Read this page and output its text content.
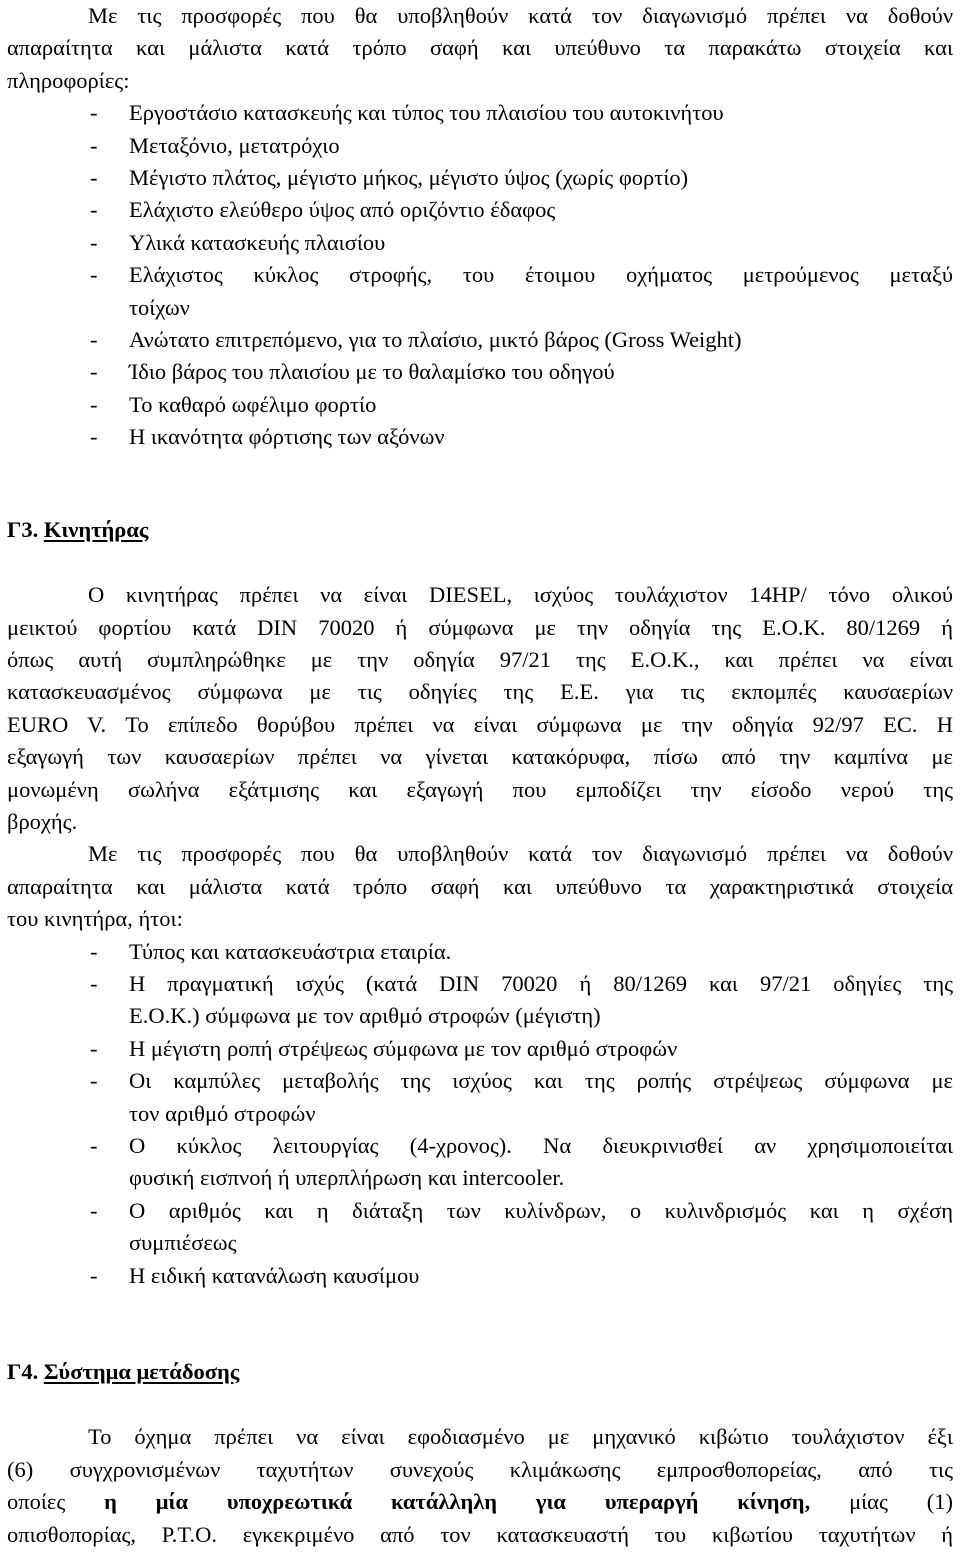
Με τις προσφορές που θα υποβληθούν κατά τον διαγωνισμό πρέπει να δοθούν
απαραίτητα και μάλιστα κατά τρόπο σαφή και υπεύθυνο τα παρακάτω στοιχεία και
πληροφορίες:
- Εργοστάσιο κατασκευής και τύπος του πλαισίου του αυτοκινήτου
- Μεταξόνιο, μετατρόχιο
- Μέγιστο πλάτος, μέγιστο μήκος, μέγιστο ύψος (χωρίς φορτίο)
- Ελάχιστο ελεύθερο ύψος από οριζόντιο έδαφος
- Υλικά κατασκευής πλαισίου
- Ελάχιστος κύκλος στροφής, του έτοιμου οχήματος μετρούμενος μεταξύ
τοίχων
- Ανώτατο επιτρεπόμενο, για το πλαίσιο, μικτό βάρος (Gross Weight)
- Ίδιο βάρος του πλαισίου με το θαλαμίσκο του οδηγού
- Το καθαρό ωφέλιμο φορτίο
- Η ικανότητα φόρτισης των αξόνων
Γ3. Κινητήρας
Ο κινητήρας πρέπει να είναι DIESEL, ισχύος τουλάχιστον 14HP/ τόνο ολικού
μεικτού φορτίου κατά DIN 70020 ή σύμφωνα με την οδηγία της Ε.Ο.Κ. 80/1269 ή
όπως αυτή συμπληρώθηκε με την οδηγία 97/21 της Ε.Ο.Κ., και πρέπει να είναι
κατασκευασμένος σύμφωνα με τις οδηγίες της Ε.Ε. για τις εκπομπές καυσαερίων
EURO V. Το επίπεδο θορύβου πρέπει να είναι σύμφωνα με την οδηγία 92/97 EC. Η
εξαγωγή των καυσαερίων πρέπει να γίνεται κατακόρυφα, πίσω από την καμπίνα με
μονωμένη σωλήνα εξάτμισης και εξαγωγή που εμποδίζει την είσοδο νερού της
βροχής.
Με τις προσφορές που θα υποβληθούν κατά τον διαγωνισμό πρέπει να δοθούν
απαραίτητα και μάλιστα κατά τρόπο σαφή και υπεύθυνο τα χαρακτηριστικά στοιχεία
του κινητήρα, ήτοι:
- Τύπος και κατασκευάστρια εταιρία.
- Η πραγματική ισχύς (κατά DIN 70020 ή 80/1269 και 97/21 οδηγίες της
Ε.Ο.Κ.) σύμφωνα με τον αριθμό στροφών (μέγιστη)
- Η μέγιστη ροπή στρέψεως σύμφωνα με τον αριθμό στροφών
- Οι καμπύλες μεταβολής της ισχύος και της ροπής στρέψεως σύμφωνα με
τον αριθμό στροφών
- Ο κύκλος λειτουργίας (4-χρονος). Να διευκρινισθεί αν χρησιμοποιείται
φυσική εισπνοή ή υπερπλήρωση και intercooler.
- Ο αριθμός και η διάταξη των κυλίνδρων, ο κυλινδρισμός και η σχέση
συμπιέσεως
- Η ειδική κατανάλωση καυσίμου
Γ4. Σύστημα μετάδοσης
Το όχημα πρέπει να είναι εφοδιασμένο με μηχανικό κιβώτιο τουλάχιστον έξι
(6) συγχρονισμένων ταχυτήτων συνεχούς κλιμάκωσης εμπροσθοπορείας, από τις
οποίες η μία υποχρεωτικά κατάλληλη για υπεραργή κίνηση, μίας (1)
οπισθοπορίας, P.T.O. εγκεκριμένο από τον κατασκευαστή του κιβωτίου ταχυτήτων ή
